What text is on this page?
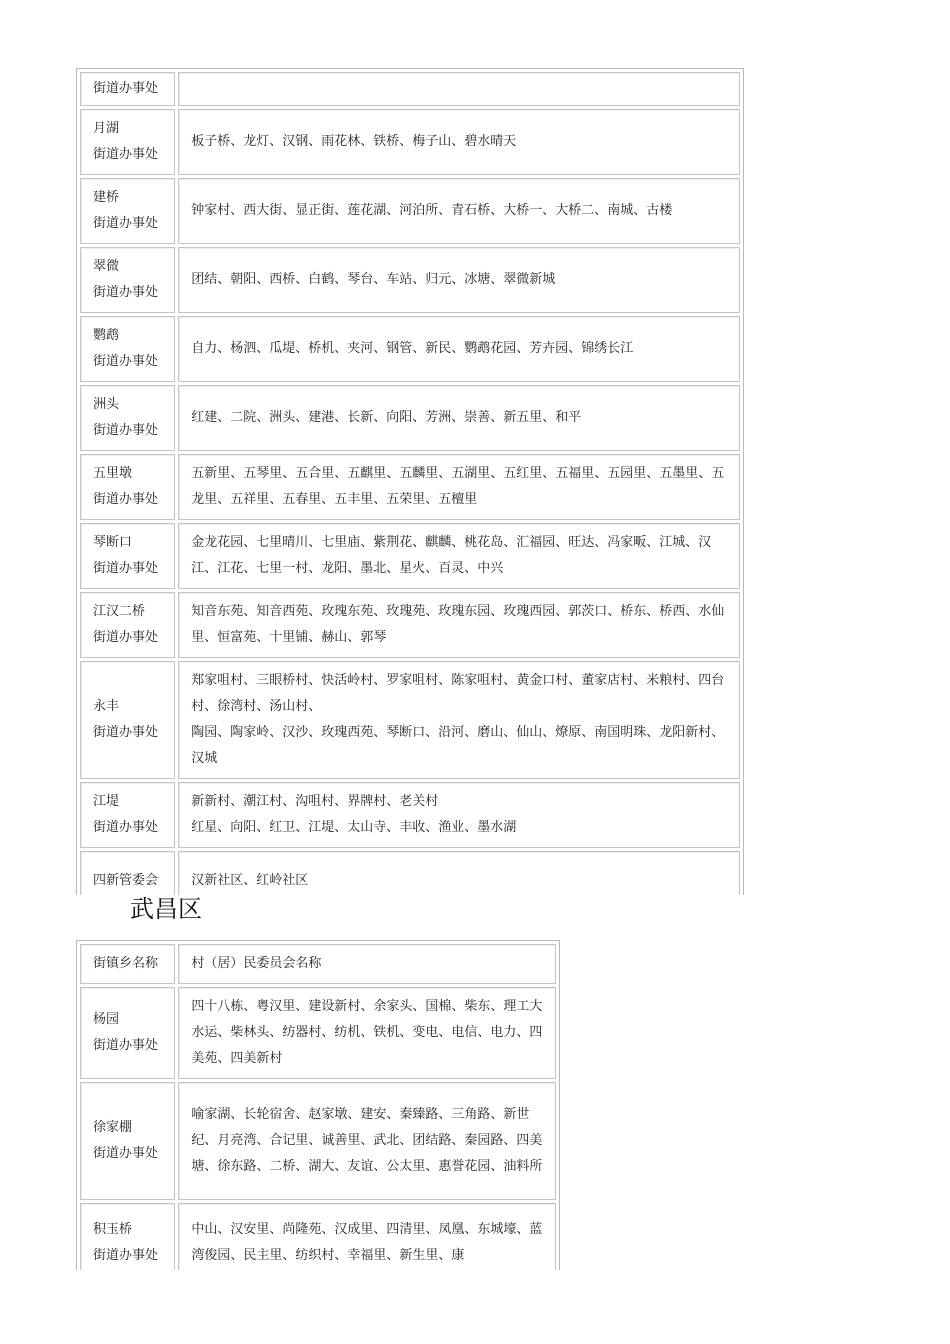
街道办事处	

月湖
街道办事处	板子桥、龙灯、汉钢、雨花林、铁桥、梅子山、碧水晴天

建桥
街道办事处	钟家村、西大街、显正街、莲花湖、河泊所、青石桥、大桥一、大桥二、南城、古楼

翠微
街道办事处	团结、朝阳、西桥、白鹤、琴台、车站、归元、冰塘、翠微新城

鹦鹉
街道办事处	自力、杨泗、瓜堤、桥机、夹河、钢管、新民、鹦鹉花园、芳卉园、锦绣长江

洲头
街道办事处	红建、二院、洲头、建港、长新、向阳、芳洲、崇善、新五里、和平

五里墩
街道办事处	五新里、五琴里、五合里、五麒里、五麟里、五湖里、五红里、五福里、五园里、五墨里、五龙里、五祥里、五春里、五丰里、五荣里、五檀里

琴断口
街道办事处	金龙花园、七里晴川、七里庙、紫荆花、麒麟、桃花岛、汇福园、旺达、冯家畈、江城、汉江、江花、七里一村、龙阳、墨北、星火、百灵、中兴

江汉二桥
街道办事处	知音东苑、知音西苑、玫瑰东苑、玫瑰苑、玫瑰东园、玫瑰西园、郭茨口、桥东、桥西、水仙里、恒富苑、十里铺、赫山、郭琴

永丰
街道办事处	郑家咀村、三眼桥村、快活岭村、罗家咀村、陈家咀村、黄金口村、董家店村、米粮村、四台村、徐湾村、汤山村、
陶园、陶家岭、汉沙、玫瑰西苑、琴断口、沿河、磨山、仙山、燎原、南国明珠、龙阳新村、汉城

江堤
街道办事处	新新村、潮江村、沟咀村、界牌村、老关村
红星、向阳、红卫、江堤、太山寺、丰收、渔业、墨水湖

四新管委会	汉新社区、红岭社区
武昌区
街镇乡名称	村（居）民委员会名称

杨园
街道办事处	四十八栋、粤汉里、建设新村、余家头、国棉、柴东、理工大水运、柴林头、纺器村、纺机、铁机、变电、电信、电力、四美苑、四美新村

徐家棚
街道办事处	喻家湖、长轮宿舍、赵家墩、建安、秦臻路、三角路、新世纪、月亮湾、合记里、诚善里、武北、团结路、秦园路、四美塘、徐东路、二桥、湖大、友谊、公太里、惠誉花园、油料所

积玉桥
街道办事处	中山、汉安里、尚隆苑、汉成里、四清里、凤凰、东城壕、蓝湾俊园、民主里、纺织村、幸福里、新生里、康
